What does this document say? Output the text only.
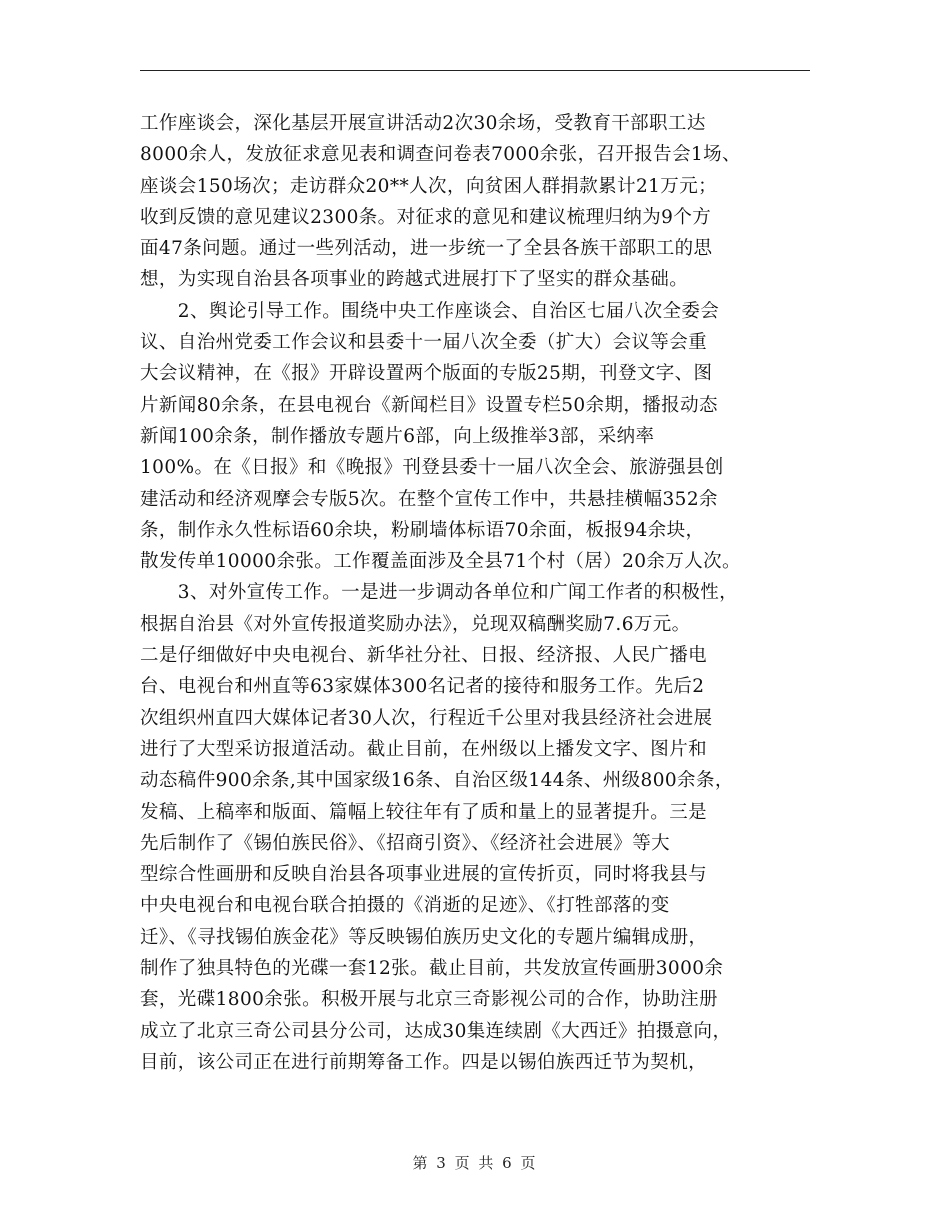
工作座谈会，深化基层开展宣讲活动2次30余场，受教育干部职工达
8000余人，发放征求意见表和调查问卷表7000余张，召开报告会1场、
座谈会150场次；走访群众20**人次，向贫困人群捐款累计21万元；
收到反馈的意见建议2300条。对征求的意见和建议梳理归纳为9个方
面47条问题。通过一些列活动，进一步统一了全县各族干部职工的思
想，为实现自治县各项事业的跨越式进展打下了坚实的群众基础。
　　2、舆论引导工作。围绕中央工作座谈会、自治区七届八次全委会
议、自治州党委工作会议和县委十一届八次全委（扩大）会议等会重
大会议精神，在《报》开辟设置两个版面的专版25期，刊登文字、图
片新闻80余条，在县电视台《新闻栏目》设置专栏50余期，播报动态
新闻100余条，制作播放专题片6部，向上级推举3部，采纳率
100%。在《日报》和《晚报》刊登县委十一届八次全会、旅游强县创
建活动和经济观摩会专版5次。在整个宣传工作中，共悬挂横幅352余
条，制作永久性标语60余块，粉刷墙体标语70余面，板报94余块，
散发传单10000余张。工作覆盖面涉及全县71个村（居）20余万人次。
　　3、对外宣传工作。一是进一步调动各单位和广闻工作者的积极性，
根据自治县《对外宣传报道奖励办法》，兑现双稿酬奖励7.6万元。
二是仔细做好中央电视台、新华社分社、日报、经济报、人民广播电
台、电视台和州直等63家媒体300名记者的接待和服务工作。先后2
次组织州直四大媒体记者30人次，行程近千公里对我县经济社会进展
进行了大型采访报道活动。截止目前，在州级以上播发文字、图片和
动态稿件900余条,其中国家级16条、自治区级144条、州级800余条，
发稿、上稿率和版面、篇幅上较往年有了质和量上的显著提升。三是
先后制作了《锡伯族民俗》、《招商引资》、《经济社会进展》等大
型综合性画册和反映自治县各项事业进展的宣传折页，同时将我县与
中央电视台和电视台联合拍摄的《消逝的足迹》、《打牲部落的变
迁》、《寻找锡伯族金花》等反映锡伯族历史文化的专题片编辑成册，
制作了独具特色的光碟一套12张。截止目前，共发放宣传画册3000余
套，光碟1800余张。积极开展与北京三奇影视公司的合作，协助注册
成立了北京三奇公司县分公司，达成30集连续剧《大西迁》拍摄意向，
目前，该公司正在进行前期筹备工作。四是以锡伯族西迁节为契机，
第 3 页 共 6 页
